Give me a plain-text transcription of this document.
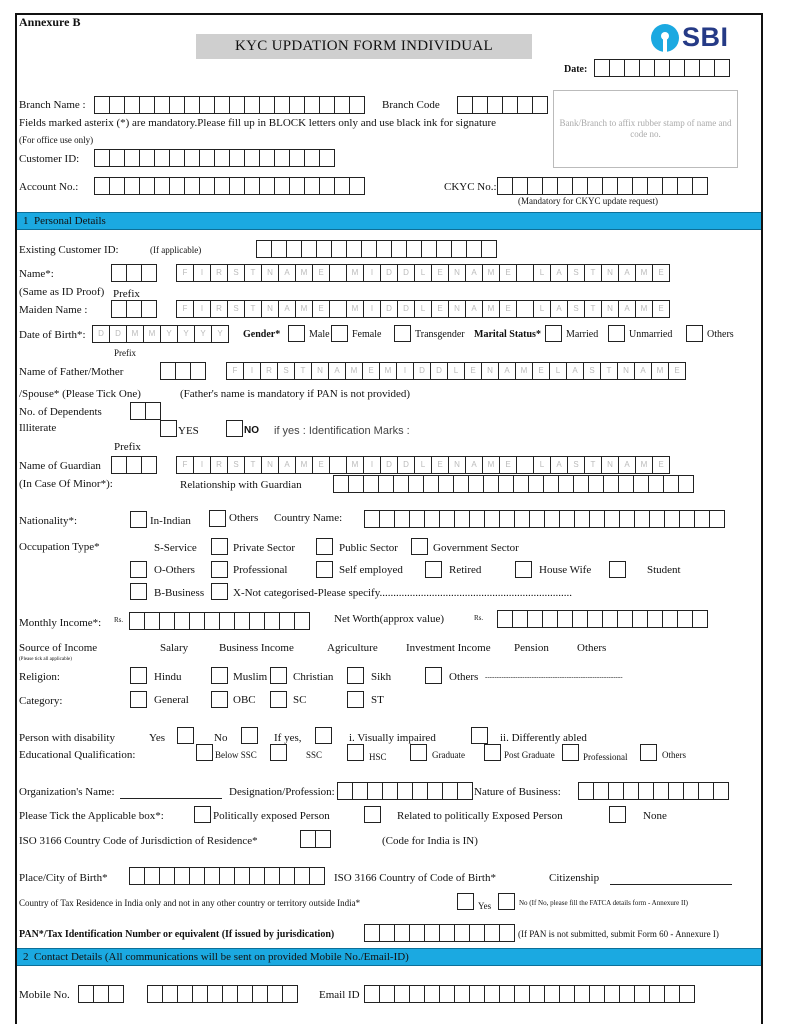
Annexure B
KYC UPDATION FORM INDIVIDUAL	SBI
Date:
Branch Name :	Branch Code
Bank/Branch to affix rubber stamp of name and code no.
Fields marked asterix (*) are mandatory.Please fill up in BLOCK letters only and use black ink for signature
(For office use only)
Customer ID:
Account No.:	CKYC No.:
(Mandatory for CKYC update request)
1 Personal Details
Existing Customer ID:	(If applicable)
Name*:	F	I	R	S	T	N	A	M	E	M	I	D	D	L	E	N	A	M	E	L	A	S	T	N	A	M	E
(Same as ID Proof) Prefix
Maiden Name :	F	I	R	S	T	N	A	M	E	M	I	D	D	L	E	N	A	M	E	L	A	S	T	N	A	M	E
Date of Birth*:	D	D	M	M	Y	Y	Y	Y	Gender*	Male Female	Transgender Marital Status*	Married	Unmarried	Others
Prefix
Name of Father/Mother	F	I	R	S	T	N	A	M	E	M	I	D	D	L	E	N	A	M	E	L	A	S	T	N	A	M	E
/Spouse* (Please Tick One)	(Father's name is mandatory if PAN is not provided)
No. of Dependents
Illiterate	YES	NO if yes : Identification Marks :
Prefix
Name of Guardian	F	I	R	S	T	N	A	M	E	M	I	D	D	L	E	N	A	M	E	L	A	S	T	N	A	M	E
(In Case Of Minor*):	Relationship with Guardian
Nationality*:	In-Indian	Others Country Name:
Occupation Type*	S-Service	Private Sector	Public Sector	Government Sector
O-Others	Professional	Self employed	Retired	House Wife	Student
B-Business	X-Not categorised-Please specify......................................................................
Monthly Income*: Rs.	Net Worth(approx value)	Rs.
Source of Income
(Please tick all applicable)
Salary	Business Income	Agriculture	Investment Income Pension	Others
Religion:	Hindu	Muslim Christian	Sikh	Others -----------------------------------------------------------
Category:	General	OBC	SC	ST
Person with disability	Yes	No	If yes,	i. Visually impaired	ii. Differently abled
Educational Qualification:	Below SSC	SSC	HSC	Graduate	Post Graduate	Professional	Others
Organization's Name:	Designation/Profession:	Nature of Business:
Please Tick the Applicable box*:	Politically exposed Person	Related to politically Exposed Person	None
ISO 3166 Country Code of Jurisdiction of Residence*	(Code for India is IN)
Place/City of Birth*	ISO 3166 Country of Code of Birth*	Citizenship
Country of Tax Residence in India only and not in any other country or territory outside India*	Yes	No (If No, please fill the FATCA details form - Annexure II)
PAN*/Tax Identification Number or equivalent (If issued by jurisdication)	(If PAN is not submitted, submit Form 60 - Annexure I)
2 Contact Details (All communications will be sent on provided Mobile No./Email-ID)
Mobile No.	Email ID
